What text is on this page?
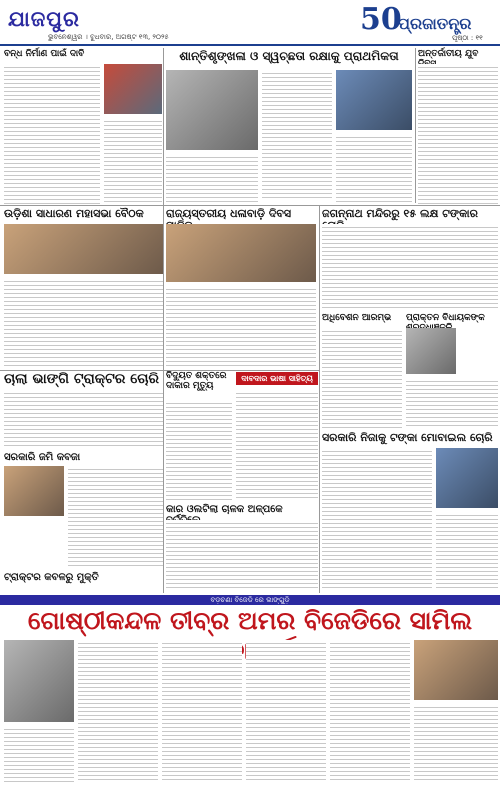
ଯାଜପୁର
ଭୁବନେଶ୍ୱର । ବୁଧବାର, ଅଗଷ୍ଟ ୧୩, ୨୦୨୫	50
ପ୍ରଜାତନ୍ତ୍ର
ପୃଷ୍ଠା : ୧୧
ବନ୍ଧ ନିର୍ମାଣ ପାଇଁ ଦାବି
ଉଡ଼ିଶା ସାଧାରଣ ମହାସଭା ବୈଠକ
ଶାନ୍ତିଶୃଙ୍ଖଳା ଓ ସ୍ୱଚ୍ଛତା ରକ୍ଷାକୁ ପ୍ରାଥମିକତା	ଅନ୍ତର୍ଜାତୀୟ ଯୁବ
ରାଜ୍ୟସ୍ତରୀୟ ଧଳାବାଡ଼ି ଦିବସ	ଜଗନ୍ନାଥ ମନ୍ଦିରରୁ ୧୫ ଲକ୍ଷ ଟଙ୍କାର
ଅଧିବେଶନ ଆରମ୍ଭ	ପ୍ରାକ୍ତନ ବିଧାୟକଙ୍କ
ଚାଲା ଭାଙ୍ଗି ଟ୍ରାକ୍ଟର ଚୋରି
ସରକାରି ଜମି କବଜା
ଟ୍ରାକ୍ଟର କବଳରୁ ମୁକ୍ତି
ବିଦ୍ୟୁତ ଶକ୍ତରେ ଦାକାର ମୃତ୍ୟୁ
ଦାବଦାର ଭାଷା ସାହିତ୍ୟ
କାର ଓଲଟିଲା ଚାଳକ ଅଳ୍ପକେ
ସରକାରି ନିଜାକୁ ଟଙ୍କା ମୋବାଇଲ ଚୋରି
ବଡ଼ଚଣା ବିଜେଡି ରେ ଭାଙ୍ଗୁଡ଼ି
ଗୋଷ୍ଠୀକନ୍ଦଳ ତୀବ୍ର ଅମର ବିଜେଡିରେ ସାମିଲ
